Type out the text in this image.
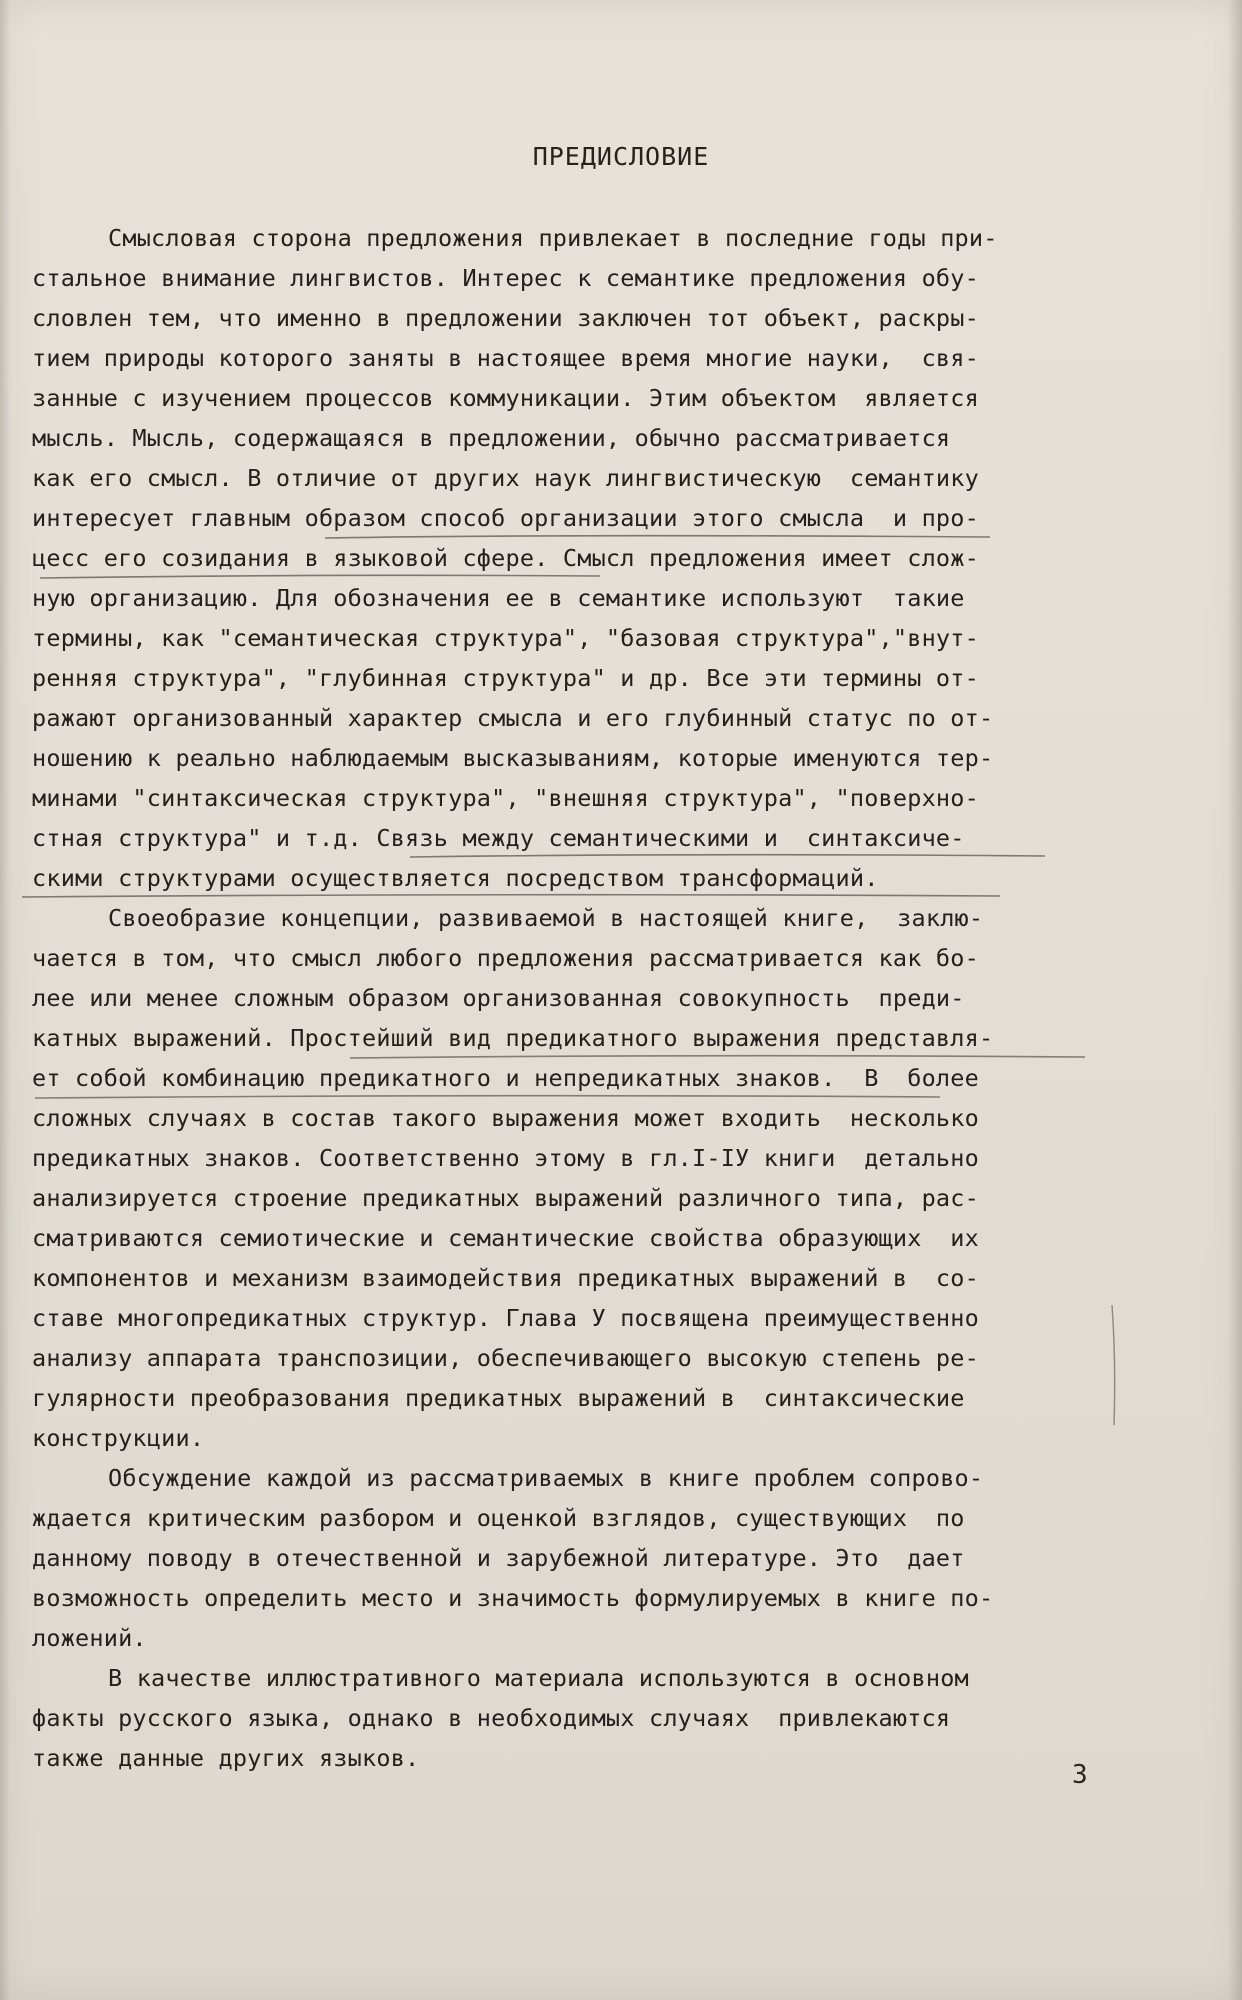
ПРЕДИСЛОВИЕ
Смысловая сторона предложения привлекает в последние годы при-
стальное внимание лингвистов. Интерес к семантике предложения обу-
словлен тем, что именно в предложении заключен тот объект, раскры-
тием природы которого заняты в настоящее время многие науки,  свя-
занные с изучением процессов коммуникации. Этим объектом  является
мысль. Мысль, содержащаяся в предложении, обычно рассматривается
как его смысл. В отличие от других наук лингвистическую  семантику
интересует главным образом способ организации этого смысла  и про-
цесс его созидания в языковой сфере. Смысл предложения имеет слож-
ную организацию. Для обозначения ее в семантике используют  такие
термины, как "семантическая структура", "базовая структура","внут-
ренняя структура", "глубинная структура" и др. Все эти термины от-
ражают организованный характер смысла и его глубинный статус по от-
ношению к реально наблюдаемым высказываниям, которые именуются тер-
минами "синтаксическая структура", "внешняя структура", "поверхно-
стная структура" и т.д. Связь между семантическими и  синтаксиче-
скими структурами осуществляется посредством трансформаций.
Своеобразие концепции, развиваемой в настоящей книге,  заклю-
чается в том, что смысл любого предложения рассматривается как бо-
лее или менее сложным образом организованная совокупность  преди-
катных выражений. Простейший вид предикатного выражения представля-
ет собой комбинацию предикатного и непредикатных знаков.  В  более
сложных случаях в состав такого выражения может входить  несколько
предикатных знаков. Соответственно этому в гл.I-IУ книги  детально
анализируется строение предикатных выражений различного типа, рас-
сматриваются семиотические и семантические свойства образующих  их
компонентов и механизм взаимодействия предикатных выражений в  со-
ставе многопредикатных структур. Глава У посвящена преимущественно
анализу аппарата транспозиции, обеспечивающего высокую степень ре-
гулярности преобразования предикатных выражений в  синтаксические
конструкции.
Обсуждение каждой из рассматриваемых в книге проблем сопрово-
ждается критическим разбором и оценкой взглядов, существующих  по
данному поводу в отечественной и зарубежной литературе. Это  дает
возможность определить место и значимость формулируемых в книге по-
ложений.
В качестве иллюстративного материала используются в основном
факты русского языка, однако в необходимых случаях  привлекаются
также данные других языков.
3
